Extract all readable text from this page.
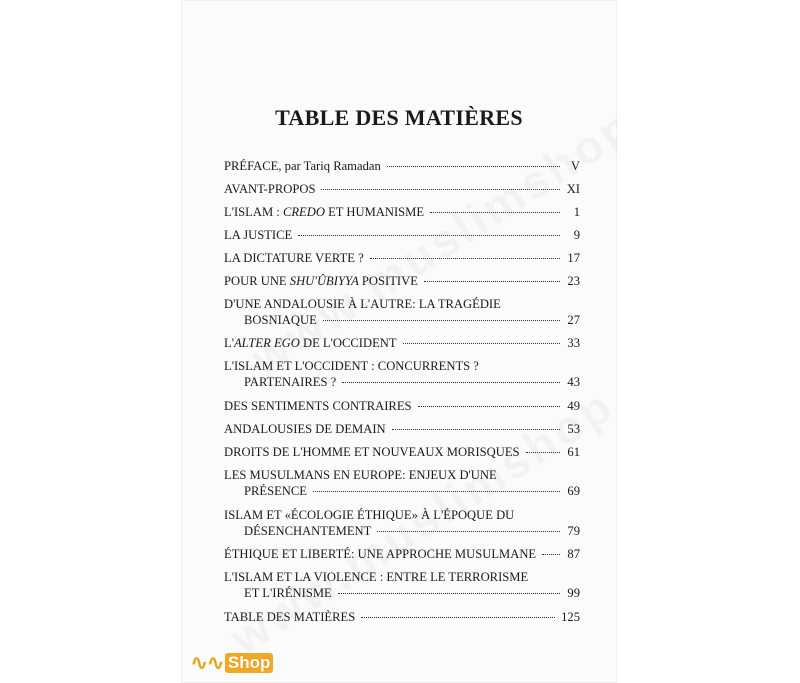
TABLE DES MATIÈRES
PRÉFACE, par Tariq Ramadan	V
AVANT-PROPOS	XI
L'ISLAM : CREDO ET HUMANISME	1
LA JUSTICE	9
LA DICTATURE VERTE ?	17
POUR UNE SHU'ÛBIYYA POSITIVE	23
D'UNE ANDALOUSIE À L'AUTRE: LA TRAGÉDIE
BOSNIAQUE	27
L'ALTER EGO DE L'OCCIDENT	33
L'ISLAM ET L'OCCIDENT : CONCURRENTS ?
PARTENAIRES ?	43
DES SENTIMENTS CONTRAIRES	49
ANDALOUSIES DE DEMAIN	53
DROITS DE L'HOMME ET NOUVEAUX MORISQUES	61
LES MUSULMANS EN EUROPE: ENJEUX D'UNE
PRÉSENCE	69
ISLAM ET «ÉCOLOGIE ÉTHIQUE» À L'ÉPOQUE DU
DÉSENCHANTEMENT	79
ÉTHIQUE ET LIBERTÉ: UNE APPROCHE MUSULMANE 87
L'ISLAM ET LA VIOLENCE : ENTRE LE TERRORISME
ET L'IRÉNISME	99
TABLE DES MATIÈRES	125
∿∿ Shop
